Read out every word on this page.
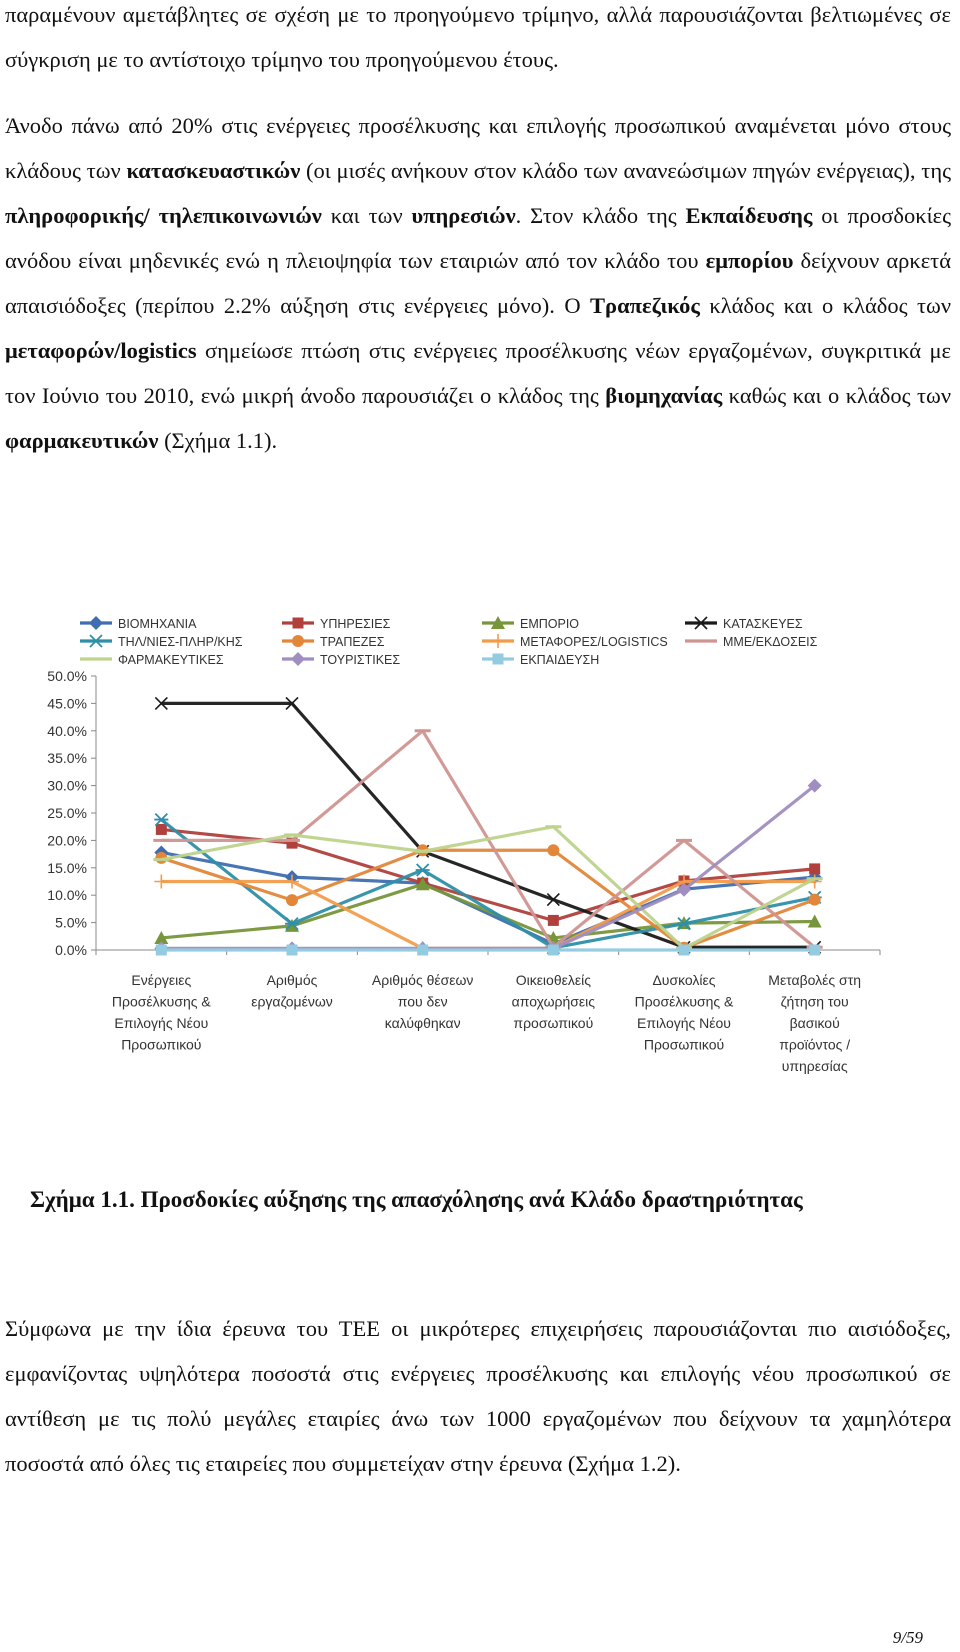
παραμένουν αμετάβλητες σε σχέση με το προηγούμενο τρίμηνο, αλλά παρουσιάζονται βελτιωμένες σε σύγκριση με το αντίστοιχο τρίμηνο του προηγούμενου έτους.

Άνοδο πάνω από 20% στις ενέργειες προσέλκυσης και επιλογής προσωπικού αναμένεται μόνο στους κλάδους των κατασκευαστικών (οι μισές ανήκουν στον κλάδο των ανανεώσιμων πηγών ενέργειας), της πληροφορικής/ τηλεπικοινωνιών και των υπηρεσιών. Στον κλάδο της Εκπαίδευσης οι προσδοκίες ανόδου είναι μηδενικές ενώ η πλειοψηφία των εταιριών από τον κλάδο του εμπορίου δείχνουν αρκετά απαισιόδοξες (περίπου 2.2% αύξηση στις ενέργειες μόνο). Ο Τραπεζικός κλάδος και ο κλάδος των μεταφορών/logistics σημείωσε πτώση στις ενέργειες προσέλκυσης νέων εργαζομένων, συγκριτικά με τον Ιούνιο του 2010, ενώ μικρή άνοδο παρουσιάζει ο κλάδος της βιομηχανίας καθώς και ο κλάδος των φαρμακευτικών (Σχήμα 1.1).

0.0%
5.0%
10.0%
15.0%
20.0%
25.0%
30.0%
35.0%
40.0%
45.0%
50.0%
Ενέργειες
Προσέλκυσης &
Επιλογής Νέου
Προσωπικού
Αριθμός
εργαζομένων
Αριθμός θέσεων
που δεν
καλύφθηκαν
Οικειοθελείς
αποχωρήσεις
προσωπικού
Δυσκολίες
Προσέλκυσης &
Επιλογής Νέου
Προσωπικού
Μεταβολές στη
ζήτηση του
βασικού
προϊόντος /
υπηρεσίας
ΒΙΟΜΗΧΑΝΙΑ	ΥΠΗΡΕΣΙΕΣ	ΕΜΠΟΡΙΟ	ΚΑΤΑΣΚΕΥΕΣ
ΤΗΛ/ΝΙΕΣ-ΠΛΗΡ/ΚΗΣ	ΤΡΑΠΕΖΕΣ	ΜΕΤΑΦΟΡΕΣ/LOGISTICS	ΜΜΕ/ΕΚΔΟΣΕΙΣ
ΦΑΡΜΑΚΕΥΤΙΚΕΣ	ΤΟΥΡΙΣΤΙΚΕΣ	ΕΚΠΑΙΔΕΥΣΗ

Σχήμα 1.1. Προσδοκίες αύξησης της απασχόλησης ανά Κλάδο δραστηριότητας

Σύμφωνα με την ίδια έρευνα του ΤΕΕ οι μικρότερες επιχειρήσεις παρουσιάζονται πιο αισιόδοξες, εμφανίζοντας υψηλότερα ποσοστά στις ενέργειες προσέλκυσης και επιλογής νέου προσωπικού σε αντίθεση με τις πολύ μεγάλες εταιρίες άνω των 1000 εργαζομένων που δείχνουν τα χαμηλότερα ποσοστά από όλες τις εταιρείες που συμμετείχαν στην έρευνα (Σχήμα 1.2).

9/59
